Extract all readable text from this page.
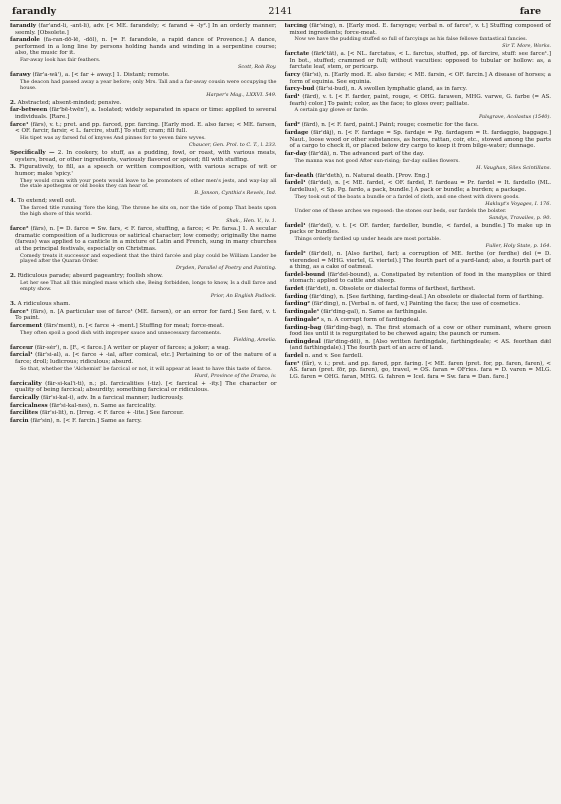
farandly	2141	fare

farandly (far'and-li, -ant-li), adv. [< ME. farandely; < farand + -ly².] In an orderly manner; seemly. [Obsolete.]

farandole (fa-ran-dō-lē, -dōl), n. [= F. farandole, a rapid dance of Provence.] A dance, performed in a long line by persons holding hands and winding in a serpentine course; also, the music for it.

Far-away look has fair feathers.

Scott, Rob Roy.

farawy (fär'a-wā'), a. [< far + away.] 1. Distant; remote.

The deacon had passed away a year before; only Mrs. Tall and a far-away cousin were occupying the house.

Harper's Mag., LXXVI. 549.

2. Abstracted; absent-minded; pensive.

far-between (fär'bē-twēn'), a. Isolated; widely separated in space or time: applied to several individuals. [Rare.]

farce¹ (färs), v. t.; pret. and pp. farced, ppr. farcing. [Early mod. E. also farse; < ME. farsen, < OF. farcir, farsir, < L. farcire, stuff.] To stuff; cram; fill full.

His tipet was ay farsed ful of knyves And pinnes for to yeven faire wyves.

Chaucer, Gen. Prol. to C. T., l. 233.

Specifically — 2. In cookery, to stuff, as a pudding, fowl, or roast, with various meats, oysters, bread, or other ingredients, variously flavored or spiced; fill with stuffing.

3. Figuratively, to fill, as a speech or written composition, with various scraps of wit or humor; make 'spicy.'

They would cram with your poets would leave to be promoters of other men's jests, and way-lay all the stale apothegms or old books they can hear of.

B. Jonson, Cynthia's Revels, Ind.

4. To extend; swell out.

The farced title running 'fore the king, The throne he sits on, nor the tide of pomp That beats upon the high shore of this world.

Shak., Hen. V., iv. 1.

farce² (färs), n. [= D. farce = Sw. fars, < F. farce, stuffing, a farce; < Pr. farsa.] 1. A secular dramatic composition of a ludicrous or satirical character; low comedy; originally the name (farsus) was applied to a canticle in a mixture of Latin and French, sung in many churches at the principal festivals, especially on Christmas.

Comedy treats it successor and expedient that the third farcée and play could be William Lander be played after the Quaran Order.

Dryden, Parallel of Poetry and Painting.

2. Ridiculous parade; absurd pageantry; foolish show.

Let her see That all this mingled mass which she, Being forbidden, longs to know, Is a dull farce and empty show.

Prior, An English Padlock.

3. A ridiculous sham.

farce³ (färs), n. [A particular use of farce¹ (ME. farsen), or an error for fard.] See fard, v. t. To paint.

farcement (färs'ment), n. [< farce + -ment.] Stuffing for meat; force-meat.

They often spoil a good dish with improper sauce and unnecessary farcements.

Fielding, Amelia.

farceur (fär-sėr'), n. [F., < farce.] A writer or player of farces; a joker; a wag.

farcial¹ (fär'si-al), a. [< farce + -ial, after comical, etc.] Pertaining to or of the nature of a farce; droll; ludicrous; ridiculous; absurd.

So that, whether the 'Alchemist' be farcical or not, it will appear at least to have this taste of farce.

Hurd, Province of the Drama, iv.

farcicality (fär-si-kal'i-ti), n.; pl. farcicalities (-tiz). [< farcical + -ity.] The character or quality of being farcical; absurdity; something farcical or ridiculous.

farcically (fär'si-kal-i), adv. In a farcical manner; ludicrously.

farcicalness (fär'si-kal-nes), n. Same as farcicality.

farcilites (fär'si-lit), n. [Irreg. < F. farce + -lite.] See farceur.

farcin (fär'sin), n. [< F. farcin.] Same as farcy.

farcing (fär'sing), n. [Early mod. E. farsynge; verbal n. of farce¹, v. t.] Stuffing composed of mixed ingredients; force-meat.

Now we have the pudding stuffed so full of farcyings as his false fellowe fantastical fancies.

Sir T. More, Works.

farctate (färk'tāt), a. [< NL. farctatus, < L. farctus, stuffed, pp. of farcire, stuff: see farce¹.] In bot., stuffed; crammed or full; without vacuities: opposed to tubular or hollow: as, a farctate leaf, stem, or pericarp.

farcy (fär'si), n. [Early mod. E. also farsie; < ME. farsin, < OF. farcin.] A disease of horses; a form of equinia. See equinia.

farcy-bud (fär'si-bud), n. A swollen lymphatic gland, as in farcy.

fard¹ (färd), v. t. [< F. farder, paint, rouge, < OHG. farawen, MHG. varwe, G. farbe (= AS. fearh) color.] To paint; color, as the face; to gloss over; palliate.

A certain gay glowe or farde.

Palsgrave, Acolastus (1540).

fard² (färd), n. [< F. fard, paint.] Paint; rouge; cosmetic for the face.

fardage (fär'dāj), n. [< F. fardage = Sp. fardaje = Pg. fardagem = It. fardaggio, baggage.] Naut., loose wood or other substances, as horns, rattan, coir, etc., stowed among the parts of a cargo to check it, or placed below dry cargo to keep it from bilge-water; dunnage.

far-day (fär'dā), n. The advanced part of the day.

The manna was not good After sun-rising; far-day sullies flowers.

H. Vaughan, Silex Scintillans.

far-death (fär'deth), n. Natural death. [Prov. Eng.]

fardel¹ (fär'del), n. [< ME. fardel, < OF. fardel, F. fardeau = Pr. fardel = It. fardello (ML. fardellus), < Sp. Pg. fardo, a pack, bundle.] A pack or bundle; a burden; a package.

They took out of the boats a bundle or a fardel of cloth, and one chest with divers goods.

Hakluyt's Voyages, I. 176.

Under one of these arches we reposed: the stones our beds, our fardels the bolster.

Sandys, Travailes, p. 90.

fardel¹ (fär'del), v. t. [< OF. farder, fardeller, bundle, < fardel, a bundle.] To make up in packs or bundles.

Things orderly fardled up under heads are most portable.

Fuller, Holy State, p. 164.

fardel² (fär'del), n. [Also farthel, farl; a corruption of ME. ferthe (or ferdhe) del (= D. vierendeel = MHG. viertel, G. viertel).] The fourth part of a yard-land; also, a fourth part of a thing, as a cake of oatmeal.

fardel-bound (fär'del-bound), a. Constipated by retention of food in the manyplies or third stomach: applied to cattle and sheep.

fardet (fär'det), n. Obsolete or dialectal forms of farthest, farthest.

farding (fär'ding), n. [See farthing, farding-deal.] An obsolete or dialectal form of farthing.

farding² (fär'ding), n. [Verbal n. of fard, v.] Painting the face; the use of cosmetics.

fardingale¹ (fär'ding-gal), n. Same as farthingale.

fardingale² s, n. A corrupt form of fardingdeal.

farding-bag (fär'ding-bag), n. The first stomach of a cow or other ruminant, where green food lies until it is regurgitated to be chewed again; the paunch or rumen.

fardingdeal (fär'ding-dēl), n. [Also written fardingdale, farthingdeale; < AS. feorthan dǣl (and farthingdale).] The fourth part of an acre of land.

fardel n. and v. See fardell.

fare¹ (fãr), v. i.; pret. and pp. fared, ppr. faring. [< ME. faren (pret. for, pp. faren, faren), < AS. faran (pret. fōr, pp. faren), go, travel, = OS. faran = OFries. fara = D. varen = MLG. LG. faren = OHG. faran, MHG. G. fahren = Icel. fara = Sw. fara = Dan. fare.]
